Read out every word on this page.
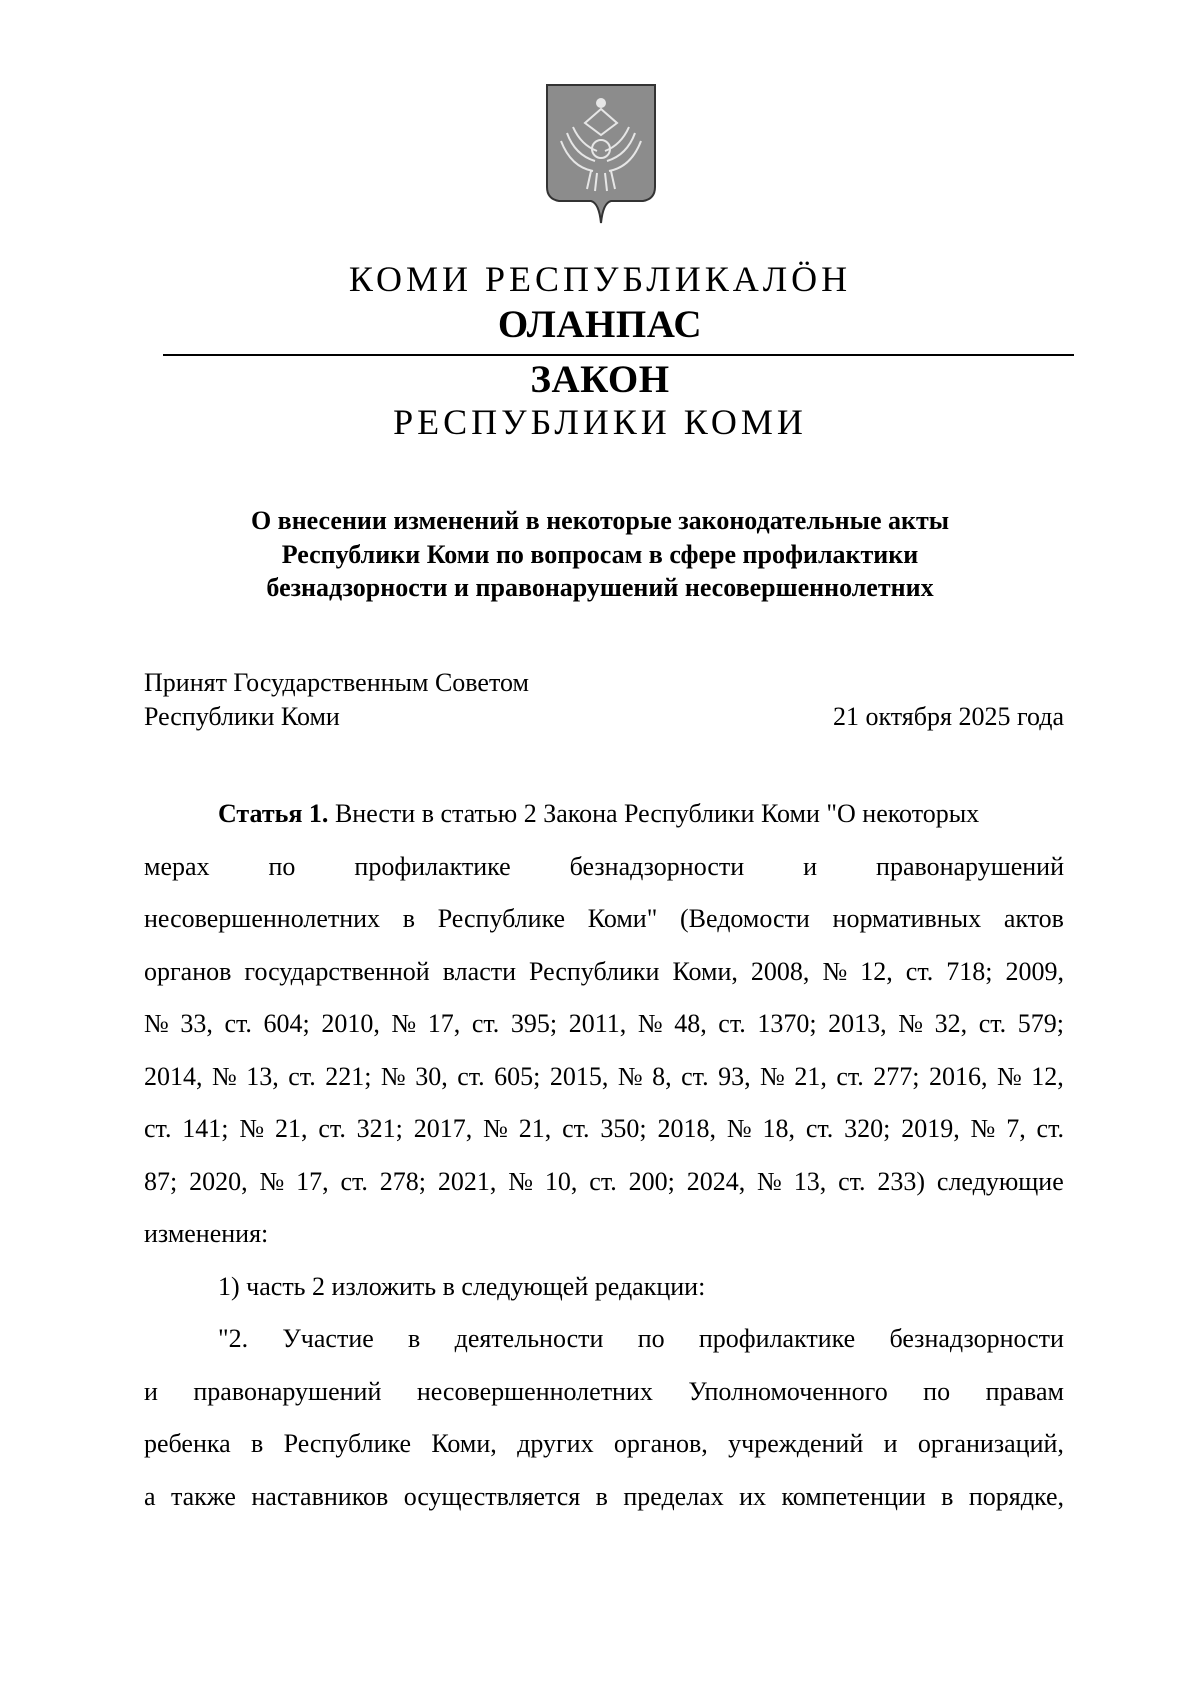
КОМИ РЕСПУБЛИКАЛӦН
ОЛАНПАС
ЗАКОН
РЕСПУБЛИКИ КОМИ
О внесении изменений в некоторые законодательные акты
Республики Коми по вопросам в сфере профилактики
безнадзорности и правонарушений несовершеннолетних
Принят Государственным Советом
Республики Коми	21 октября 2025 года
Статья 1. Внести в статью 2 Закона Республики Коми "О некоторых
мерах по профилактике безнадзорности и правонарушений
несовершеннолетних в Республике Коми" (Ведомости нормативных актов
органов государственной власти Республики Коми, 2008, № 12, ст. 718; 2009,
№ 33, ст. 604; 2010, № 17, ст. 395; 2011, № 48, ст. 1370; 2013, № 32, ст. 579;
2014, № 13, ст. 221; № 30, ст. 605; 2015, № 8, ст. 93, № 21, ст. 277; 2016, № 12,
ст. 141; № 21, ст. 321; 2017, № 21, ст. 350; 2018, № 18, ст. 320; 2019, № 7, ст.
87; 2020, № 17, ст. 278; 2021, № 10, ст. 200; 2024, № 13, ст. 233) следующие
изменения:
1) часть 2 изложить в следующей редакции:
"2. Участие в деятельности по профилактике безнадзорности
и правонарушений несовершеннолетних Уполномоченного по правам
ребенка в Республике Коми, других органов, учреждений и организаций,
а также наставников осуществляется в пределах их компетенции в порядке,
